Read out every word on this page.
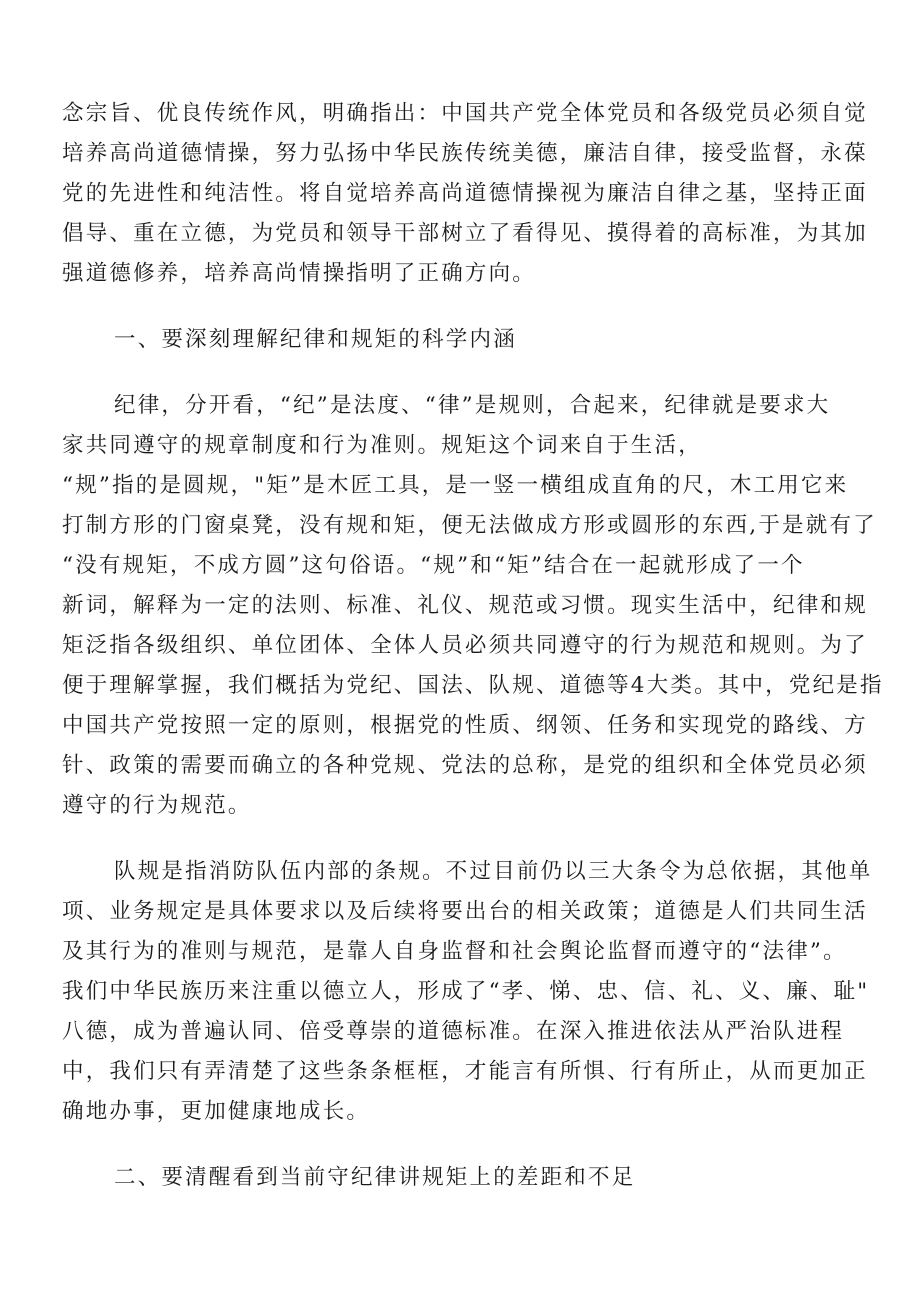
念宗旨、优良传统作风，明确指出：中国共产党全体党员和各级党员必须自觉
培养高尚道德情操，努力弘扬中华民族传统美德，廉洁自律，接受监督，永葆
党的先进性和纯洁性。将自觉培养高尚道德情操视为廉洁自律之基，坚持正面
倡导、重在立德，为党员和领导干部树立了看得见、摸得着的高标准，为其加
强道德修养，培养高尚情操指明了正确方向。
一、要深刻理解纪律和规矩的科学内涵
纪律，分开看，“纪”是法度、“律”是规则，合起来，纪律就是要求大
家共同遵守的规章制度和行为准则。规矩这个词来自于生活，
“规”指的是圆规，"矩”是木匠工具，是一竖一横组成直角的尺，木工用它来
打制方形的门窗桌凳，没有规和矩，便无法做成方形或圆形的东西,于是就有了
“没有规矩，不成方圆”这句俗语。“规”和“矩”结合在一起就形成了一个
新词，解释为一定的法则、标准、礼仪、规范或习惯。现实生活中，纪律和规
矩泛指各级组织、单位团体、全体人员必须共同遵守的行为规范和规则。为了
便于理解掌握，我们概括为党纪、国法、队规、道德等4大类。其中，党纪是指
中国共产党按照一定的原则，根据党的性质、纲领、任务和实现党的路线、方
针、政策的需要而确立的各种党规、党法的总称，是党的组织和全体党员必须
遵守的行为规范。
队规是指消防队伍内部的条规。不过目前仍以三大条令为总依据，其他单
项、业务规定是具体要求以及后续将要出台的相关政策；道德是人们共同生活
及其行为的准则与规范，是靠人自身监督和社会舆论监督而遵守的“法律”。
我们中华民族历来注重以德立人，形成了“孝、悌、忠、信、礼、义、廉、耻"
八德，成为普遍认同、倍受尊崇的道德标准。在深入推进依法从严治队进程
中，我们只有弄清楚了这些条条框框，才能言有所惧、行有所止，从而更加正
确地办事，更加健康地成长。
二、要清醒看到当前守纪律讲规矩上的差距和不足
